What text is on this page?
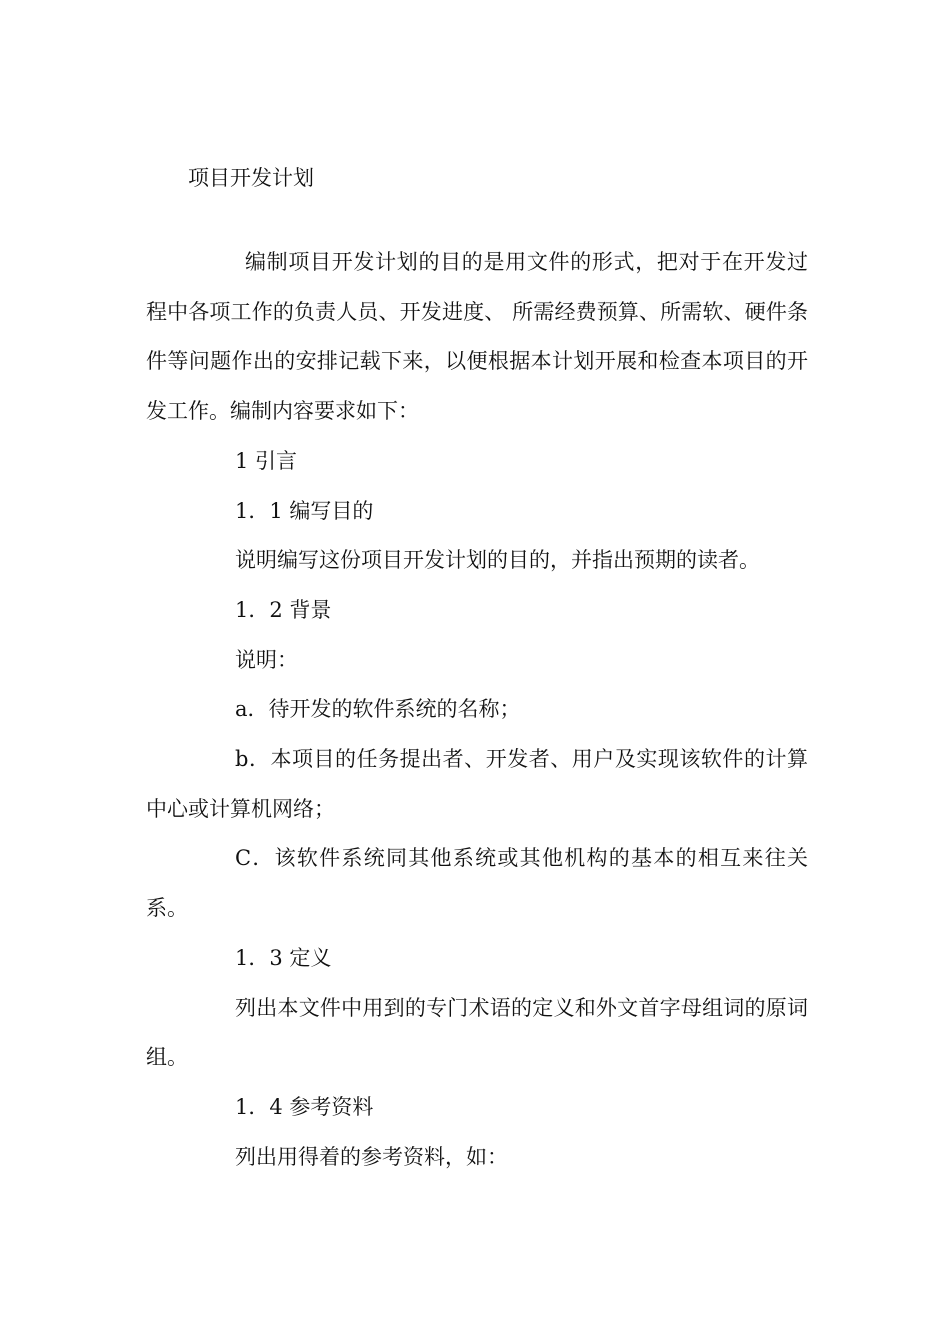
项目开发计划

编制项目开发计划的目的是用文件的形式，把对于在开发过程中各项工作的负责人员、开发进度、 所需经费预算、所需软、硬件条件等问题作出的安排记载下来，以便根据本计划开展和检查本项目的开 发工作。编制内容要求如下：

1 引言

1．1 编写目的

说明编写这份项目开发计划的目的，并指出预期的读者。

1．2 背景

说明：

a．待开发的软件系统的名称；

b．本项目的任务提出者、开发者、用户及实现该软件的计算中心或计算机网络；

C．该软件系统同其他系统或其他机构的基本的相互来往关系。

1．3 定义

列出本文件中用到的专门术语的定义和外文首字母组词的原词组。

1．4 参考资料

列出用得着的参考资料，如：
